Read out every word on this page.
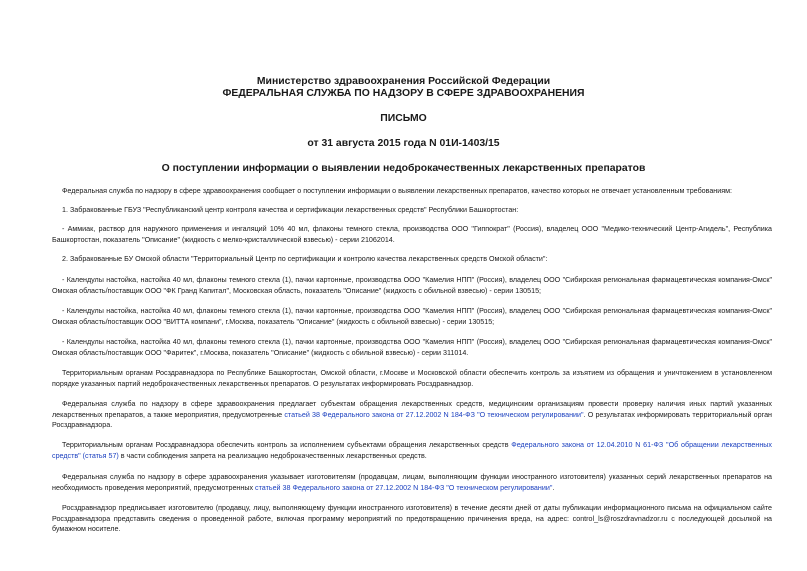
Министерство здравоохранения Российской Федерации
ФЕДЕРАЛЬНАЯ СЛУЖБА ПО НАДЗОРУ В СФЕРЕ ЗДРАВООХРАНЕНИЯ
ПИСЬМО
от 31 августа 2015 года N 01И-1403/15
О поступлении информации о выявлении недоброкачественных лекарственных препаратов

Федеральная служба по надзору в сфере здравоохранения сообщает о поступлении информации о выявлении лекарственных препаратов, качество которых не отвечает установленным требованиям:

1. Забракованные ГБУЗ "Республиканский центр контроля качества и сертификации лекарственных средств" Республики Башкортостан:

- Аммиак, раствор для наружного применения и ингаляций 10% 40 мл, флаконы темного стекла, производства ООО "Гиппократ" (Россия), владелец ООО "Медико-технический Центр-Агидель", Республика Башкортостан, показатель "Описание" (жидкость с мелко-кристаллической взвесью) - серии 21062014.

2. Забракованные БУ Омской области "Территориальный Центр по сертификации и контролю качества лекарственных средств Омской области":

- Календулы настойка, настойка 40 мл, флаконы темного стекла (1), пачки картонные, производства ООО "Камелия НПП" (Россия), владелец ООО "Сибирская региональная фармацевтическая компания-Омск" Омская область/поставщик ООО "ФК Гранд Капитал", Московская область, показатель "Описание" (жидкость с обильной взвесью) - серии 130515;

- Календулы настойка, настойка 40 мл, флаконы темного стекла (1), пачки картонные, производства ООО "Камелия НПП" (Россия), владелец ООО "Сибирская региональная фармацевтическая компания-Омск" Омская область/поставщик ООО "ВИТТА компани", г.Москва, показатель "Описание" (жидкость с обильной взвесью) - серии 130515;

- Календулы настойка, настойка 40 мл, флаконы темного стекла (1), пачки картонные, производства ООО "Камелия НПП" (Россия), владелец ООО "Сибирская региональная фармацевтическая компания-Омск" Омская область/поставщик ООО "Фаритек", г.Москва, показатель "Описание" (жидкость с обильной взвесью) - серии 311014.

Территориальным органам Росздравнадзора по Республике Башкортостан, Омской области, г.Москве и Московской области обеспечить контроль за изъятием из обращения и уничтожением в установленном порядке указанных партий недоброкачественных лекарственных препаратов. О результатах информировать Росздравнадзор.

Федеральная служба по надзору в сфере здравоохранения предлагает субъектам обращения лекарственных средств, медицинским организациям провести проверку наличия иных партий указанных лекарственных препаратов, а также мероприятия, предусмотренные статьей 38 Федерального закона от 27.12.2002 N 184-ФЗ "О техническом регулировании". О результатах информировать территориальный орган Росздравнадзора.

Территориальным органам Росздравнадзора обеспечить контроль за исполнением субъектами обращения лекарственных средств Федерального закона от 12.04.2010 N 61-ФЗ "Об обращении лекарственных средств" (статья 57) в части соблюдения запрета на реализацию недоброкачественных лекарственных средств.

Федеральная служба по надзору в сфере здравоохранения указывает изготовителям (продавцам, лицам, выполняющим функции иностранного изготовителя) указанных серий лекарственных препаратов на необходимость проведения мероприятий, предусмотренных статьей 38 Федерального закона от 27.12.2002 N 184-ФЗ "О техническом регулировании".

Росздравнадзор предписывает изготовителю (продавцу, лицу, выполняющему функции иностранного изготовителя) в течение десяти дней от даты публикации информационного письма на официальном сайте Росздравнадзора представить сведения о проведенной работе, включая программу мероприятий по предотвращению причинения вреда, на адрес: control_ls@roszdravnadzor.ru с последующей досылкой на бумажном носителе.
